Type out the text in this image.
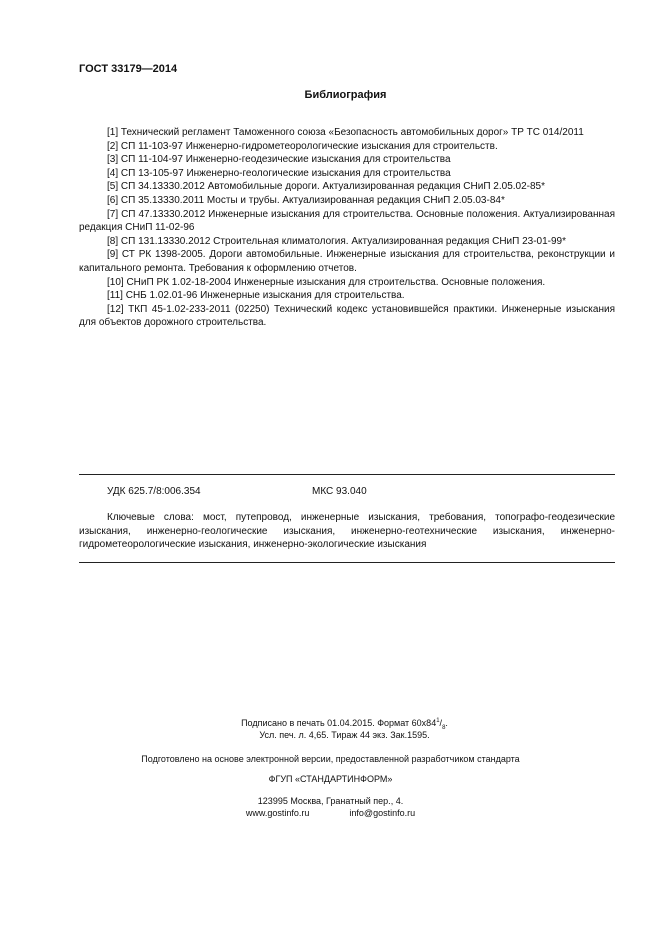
ГОСТ 33179—2014
Библиография

[1] Технический регламент Таможенного союза «Безопасность автомобильных дорог» ТР ТС 014/2011

[2] СП 11-103-97 Инженерно-гидрометеорологические изыскания для строительств.

[3] СП 11-104-97 Инженерно-геодезические изыскания для строительства

[4] СП 13-105-97 Инженерно-геологические изыскания для строительства

[5] СП 34.13330.2012 Автомобильные дороги. Актуализированная редакция СНиП 2.05.02-85*

[6] СП 35.13330.2011 Мосты и трубы. Актуализированная редакция СНиП 2.05.03-84*

[7] СП 47.13330.2012 Инженерные изыскания для строительства. Основные положения. Актуализированная редакция СНиП 11-02-96

[8] СП 131.13330.2012 Строительная климатология. Актуализированная редакция СНиП 23-01-99*

[9] СТ РК 1398-2005. Дороги автомобильные. Инженерные изыскания для строительства, реконструкции и капитального ремонта. Требования к оформлению отчетов.

[10] СНиП РК 1.02-18-2004 Инженерные изыскания для строительства. Основные положения.

[11] СНБ 1.02.01-96 Инженерные изыскания для строительства.

[12] ТКП 45-1.02-233-2011 (02250) Технический кодекс установившейся практики. Инженерные изыскания для объектов дорожного строительства.

УДК 625.7/8:006.354	МКС 93.040

Ключевые слова: мост, путепровод, инженерные изыскания, требования, топографо-геодезические изыскания, инженерно-геологические изыскания, инженерно-геотехнические изыскания, инженерно-гидрометеорологические изыскания, инженерно-экологические изыскания

Подписано в печать 01.04.2015. Формат $60х84^1/_8$.
Усл. печ. л. 4,65. Тираж 44 экз. Зак.1595.
Подготовлено на основе электронной версии, предоставленной разработчиком стандарта
ФГУП «СТАНДАРТИНФОРМ»
123995 Москва, Гранатный пер., 4.
www.gostinfo.ru	info@gostinfo.ru
